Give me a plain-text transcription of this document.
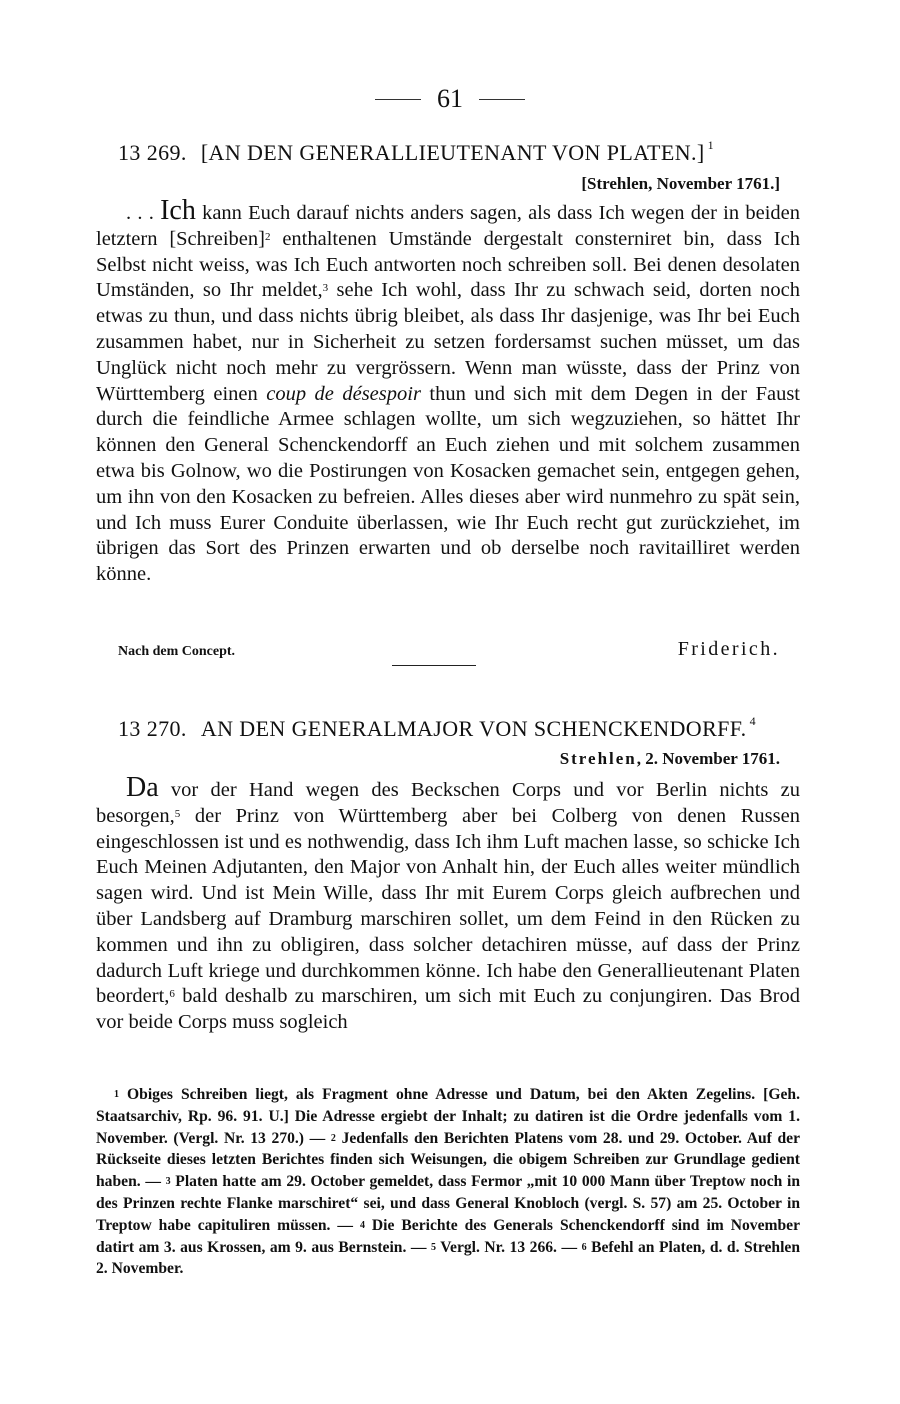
61
13 269. [AN DEN GENERALLIEUTENANT VON PLATEN.] $^1$
[Strehlen, November 1761.]

. . . Ich kann Euch darauf nichts anders sagen, als dass Ich wegen der in beiden letztern [Schreiben]$^2$ enthaltenen Umstände dergestalt consterniret bin, dass Ich Selbst nicht weiss, was Ich Euch antworten noch schreiben soll. Bei denen desolaten Umständen, so Ihr meldet,$^3$ sehe Ich wohl, dass Ihr zu schwach seid, dorten noch etwas zu thun, und dass nichts übrig bleibet, als dass Ihr dasjenige, was Ihr bei Euch zusammen habet, nur in Sicherheit zu setzen fordersamst suchen müsset, um das Unglück nicht noch mehr zu vergrössern. Wenn man wüsste, dass der Prinz von Württemberg einen coup de désespoir thun und sich mit dem Degen in der Faust durch die feindliche Armee schlagen wollte, um sich wegzuziehen, so hättet Ihr können den General Schenckendorff an Euch ziehen und mit solchem zusammen etwa bis Golnow, wo die Postirungen von Kosacken gemachet sein, entgegen gehen, um ihn von den Kosacken zu befreien. Alles dieses aber wird nunmehro zu spät sein, und Ich muss Eurer Conduite überlassen, wie Ihr Euch recht gut zurückziehet, im übrigen das Sort des Prinzen erwarten und ob derselbe noch ravitailliret werden könne.

Nach dem Concept.	Friderich.
13 270. AN DEN GENERALMAJOR VON SCHENCKENDORFF. $^4$
Strehlen, 2. November 1761.

Da vor der Hand wegen des Beckschen Corps und vor Berlin nichts zu besorgen,$^5$ der Prinz von Württemberg aber bei Colberg von denen Russen eingeschlossen ist und es nothwendig, dass Ich ihm Luft machen lasse, so schicke Ich Euch Meinen Adjutanten, den Major von Anhalt hin, der Euch alles weiter mündlich sagen wird. Und ist Mein Wille, dass Ihr mit Eurem Corps gleich aufbrechen und über Landsberg auf Dramburg marschiren sollet, um dem Feind in den Rücken zu kommen und ihn zu obligiren, dass solcher detachiren müsse, auf dass der Prinz dadurch Luft kriege und durchkommen könne. Ich habe den Generallieutenant Platen beordert,$^6$ bald deshalb zu marschiren, um sich mit Euch zu conjungiren. Das Brod vor beide Corps muss sogleich

$^1$ Obiges Schreiben liegt, als Fragment ohne Adresse und Datum, bei den Akten Zegelins. [Geh. Staatsarchiv, Rp. 96. 91. U.] Die Adresse ergiebt der Inhalt; zu datiren ist die Ordre jedenfalls vom 1. November. (Vergl. Nr. 13 270.) — $^2$ Jedenfalls den Berichten Platens vom 28. und 29. October. Auf der Rückseite dieses letzten Berichtes finden sich Weisungen, die obigem Schreiben zur Grundlage gedient haben. — $^3$ Platen hatte am 29. October gemeldet, dass Fermor „mit 10 000 Mann über Treptow noch in des Prinzen rechte Flanke marschiret“ sei, und dass General Knobloch (vergl. S. 57) am 25. October in Treptow habe capituliren müssen. — $^4$ Die Berichte des Generals Schenckendorff sind im November datirt am 3. aus Krossen, am 9. aus Bernstein. — $^5$ Vergl. Nr. 13 266. — $^6$ Befehl an Platen, d. d. Strehlen 2. November.
